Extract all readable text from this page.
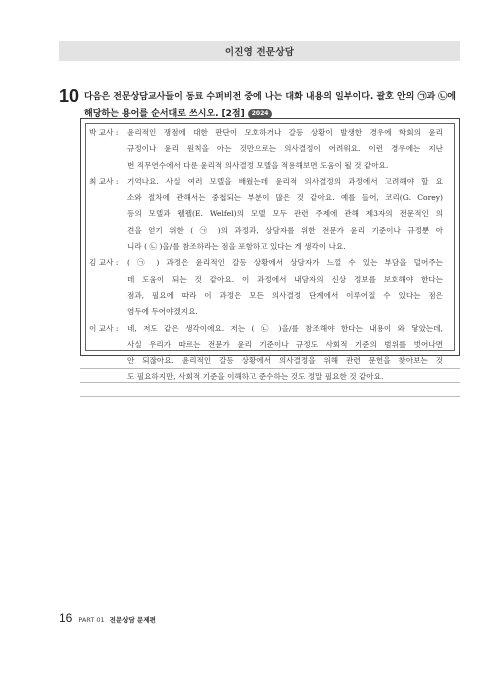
이진영 전문상담
10 다음은 전문상담교사들이 동료 수퍼비전 중에 나는 대화 내용의 일부이다. 괄호 안의 ㉠과 ㉡에
해당하는 용어를 순서대로 쓰시오. [2점] 2024
박 교사 :	윤리적인 쟁점에 대한 판단이 모호하거나 갈등 상황이 발생한 경우에 학회의 윤리
규정이나 윤리 원칙을 아는 것만으로는 의사결정이 어려워요. 이런 경우에는 지난
번 직무연수에서 다룬 윤리적 의사결정 모델을 적용해보면 도움이 될 것 같아요.
최 교사 :	기억나요. 사실 여러 모델을 배웠는데 윤리적 의사결정의 과정에서 고려해야 할 요
소와 절차에 관해서는 중첩되는 부분이 많은 것 같아요. 예를 들어, 코리(G. Corey)
등의 모델과 웰펠(E. Welfel)의 모델 모두 관련 주제에 관해 제3자의 전문적인 의
견을 얻기 위한 ( ㉠ )의 과정과, 상담자를 위한 전문가 윤리 기준이나 규정뿐 아
니라 ( ㉡ )을/를 참조하라는 점을 포함하고 있다는 게 생각이 나요.
김 교사 :	( ㉠ ) 과정은 윤리적인 갈등 상황에서 상담자가 느낄 수 있는 부담을 덜어주는
데 도움이 되는 것 같아요. 이 과정에서 내담자의 신상 정보를 보호해야 한다는
점과, 필요에 따라 이 과정은 모든 의사결정 단계에서 이루어질 수 있다는 점은
염두에 두어야겠지요.
이 교사 :	네, 저도 같은 생각이에요. 저는 ( ㉡ )을/를 참조해야 한다는 내용이 와 닿았는데,
사실 우리가 따르는 전문가 윤리 기준이나 규정도 사회적 기준의 범위를 벗어나면
안 되잖아요. 윤리적인 갈등 상황에서 의사결정을 위해 관련 문헌을 찾아보는 것
도 필요하지만, 사회적 기준을 이해하고 준수하는 것도 정말 필요한 것 같아요.
16 PART 01 전문상담 문제편
